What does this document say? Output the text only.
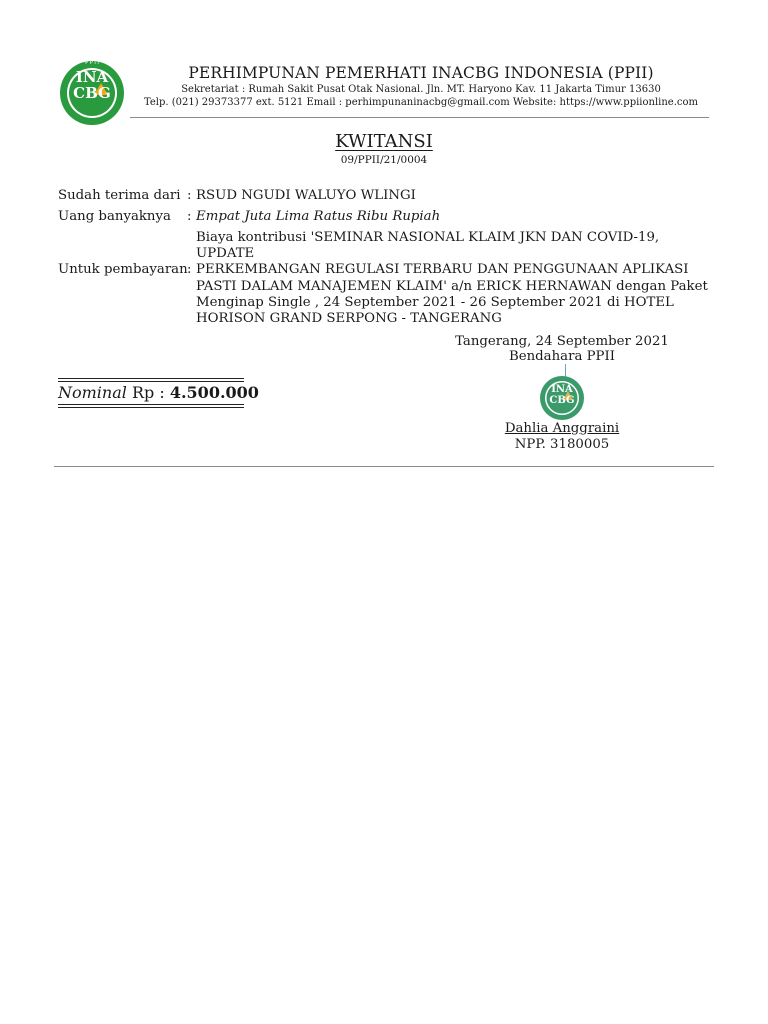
INA
CBG
P P I I
PERHIMPUNAN PEMERHATI INACBG INDONESIA (PPII)
Sekretariat : Rumah Sakit Pusat Otak Nasional. Jln. MT. Haryono Kav. 11 Jakarta Timur 13630
Telp. (021) 29373377 ext. 5121 Email : perhimpunaninacbg@gmail.com Website: https://www.ppiionline.com
KWITANSI
09/PPII/21/0004
Sudah terima dari : RSUD NGUDI WALUYO WLINGI
Uang banyaknya : Empat Juta Lima Ratus Ribu Rupiah
Untuk pembayaran :
Biaya kontribusi 'SEMINAR NASIONAL KLAIM JKN DAN COVID-19, UPDATE
PERKEMBANGAN REGULASI TERBARU DAN PENGGUNAAN APLIKASI
PASTI DALAM MANAJEMEN KLAIM' a/n ERICK HERNAWAN dengan Paket
Menginap Single , 24 September 2021 - 26 September 2021 di HOTEL
HORISON GRAND SERPONG - TANGERANG
Tangerang, 24 September 2021
Bendahara PPII
INA
CBG
Dahlia Anggraini
NPP. 3180005
Nominal Rp : 4.500.000
